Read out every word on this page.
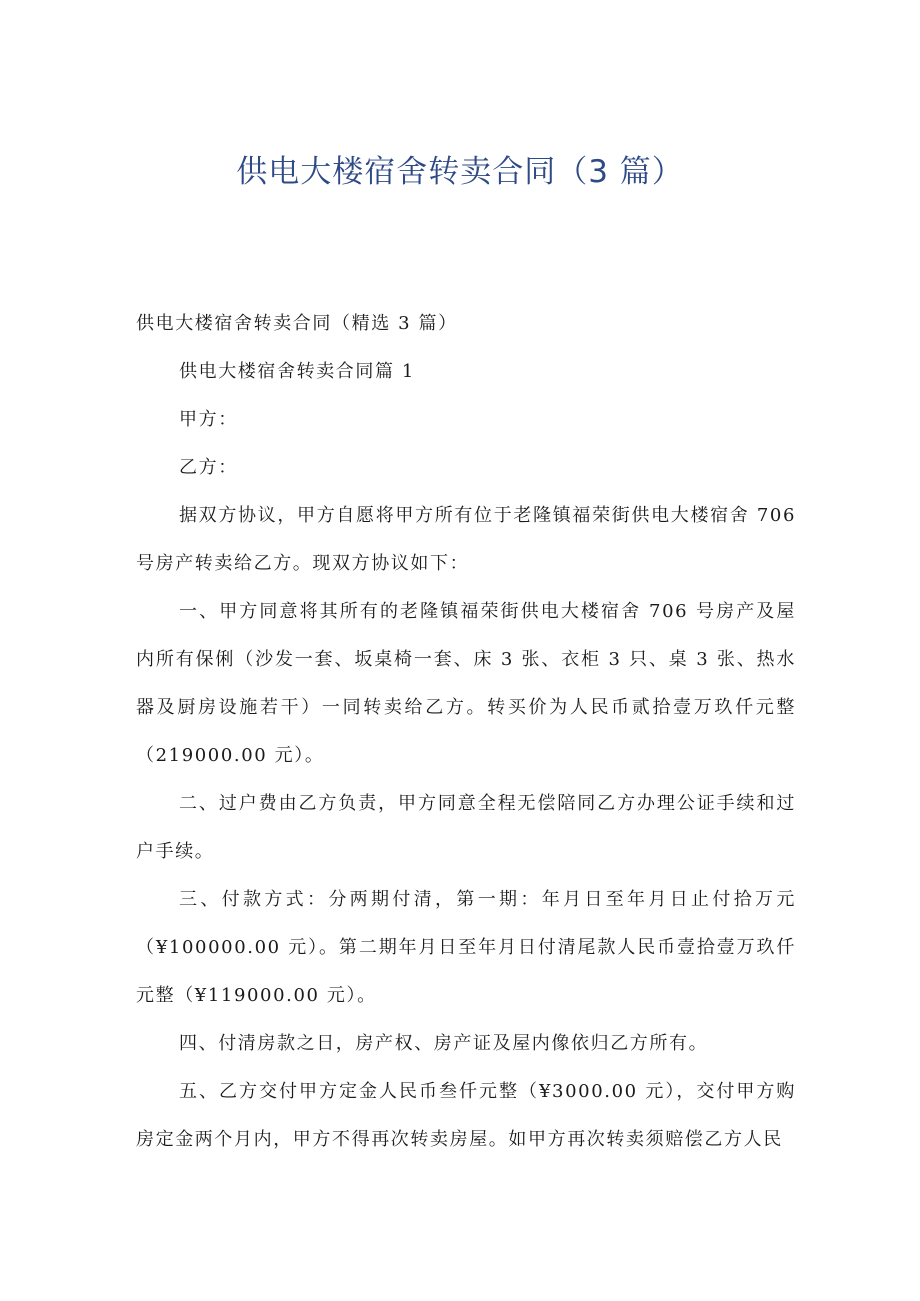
供电大楼宿舍转卖合同（3 篇）

供电大楼宿舍转卖合同（精选 3 篇）

供电大楼宿舍转卖合同篇 1

甲方：

乙方：

据双方协议，甲方自愿将甲方所有位于老隆镇福荣街供电大楼宿舍 706 号房产转卖给乙方。现双方协议如下：

一、甲方同意将其所有的老隆镇福荣街供电大楼宿舍 706 号房产及屋内所有保俐（沙发一套、坂桌椅一套、床 3 张、衣柜 3 只、桌 3 张、热水器及厨房设施若干）一同转卖给乙方。转买价为人民币贰拾壹万玖仟元整（219000.00 元）。

二、过户费由乙方负责，甲方同意全程无偿陪同乙方办理公证手续和过户手续。

三、付款方式：分两期付清，第一期：年月日至年月日止付拾万元（¥100000.00 元）。第二期年月日至年月日付清尾款人民币壹拾壹万玖仟元整（¥119000.00 元）。

四、付清房款之日，房产权、房产证及屋内像依归乙方所有。

五、乙方交付甲方定金人民币叁仟元整（¥3000.00 元），交付甲方购房定金两个月内，甲方不得再次转卖房屋。如甲方再次转卖须赔偿乙方人民
